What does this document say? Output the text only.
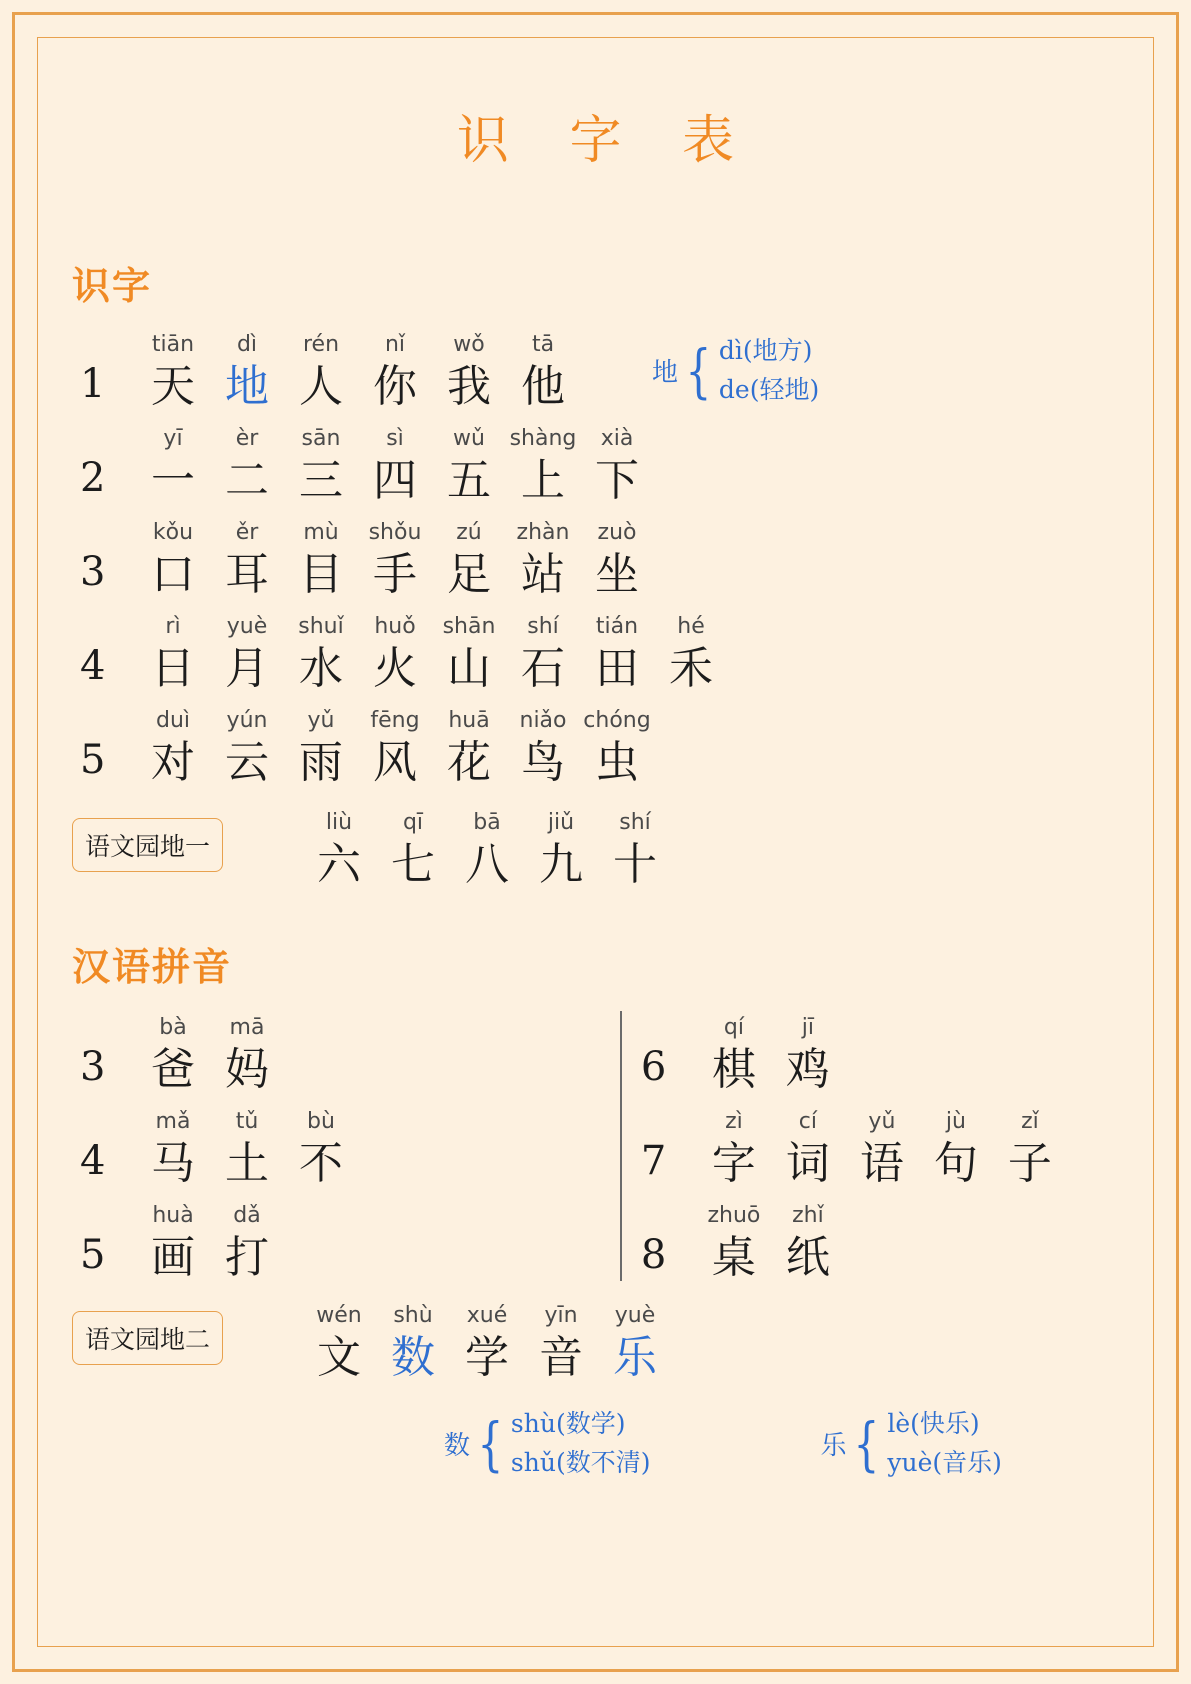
识 字 表
识字
地 { dì(地方)
de(轻地)
1
tiān
天
dì
地
rén
人
nǐ
你
wǒ
我
tā
他
2
yī
一
èr
二
sān
三
sì
四
wǔ
五
shàng
上
xià
下
3
kǒu
口
ěr
耳
mù
目
shǒu
手
zú
足
zhàn
站
zuò
坐
4
rì
日
yuè
月
shuǐ
水
huǒ
火
shān
山
shí
石
tián
田
hé
禾
5
duì
对
yún
云
yǔ
雨
fēng
风
huā
花
niǎo
鸟
chóng
虫
语文园地一
liù
六
qī
七
bā
八
jiǔ
九
shí
十
汉语拼音
3
bà
爸
mā
妈
4
mǎ
马
tǔ
土
bù
不
5
huà
画
dǎ
打
6
qí
棋
jī
鸡
7
zì
字
cí
词
yǔ
语
jù
句
zǐ
子
8
zhuō
桌
zhǐ
纸
语文园地二
wén
文
shù
数
xué
学
yīn
音
yuè
乐
数 { shù(数学)
shǔ(数不清)
乐 { lè(快乐)
yuè(音乐)
